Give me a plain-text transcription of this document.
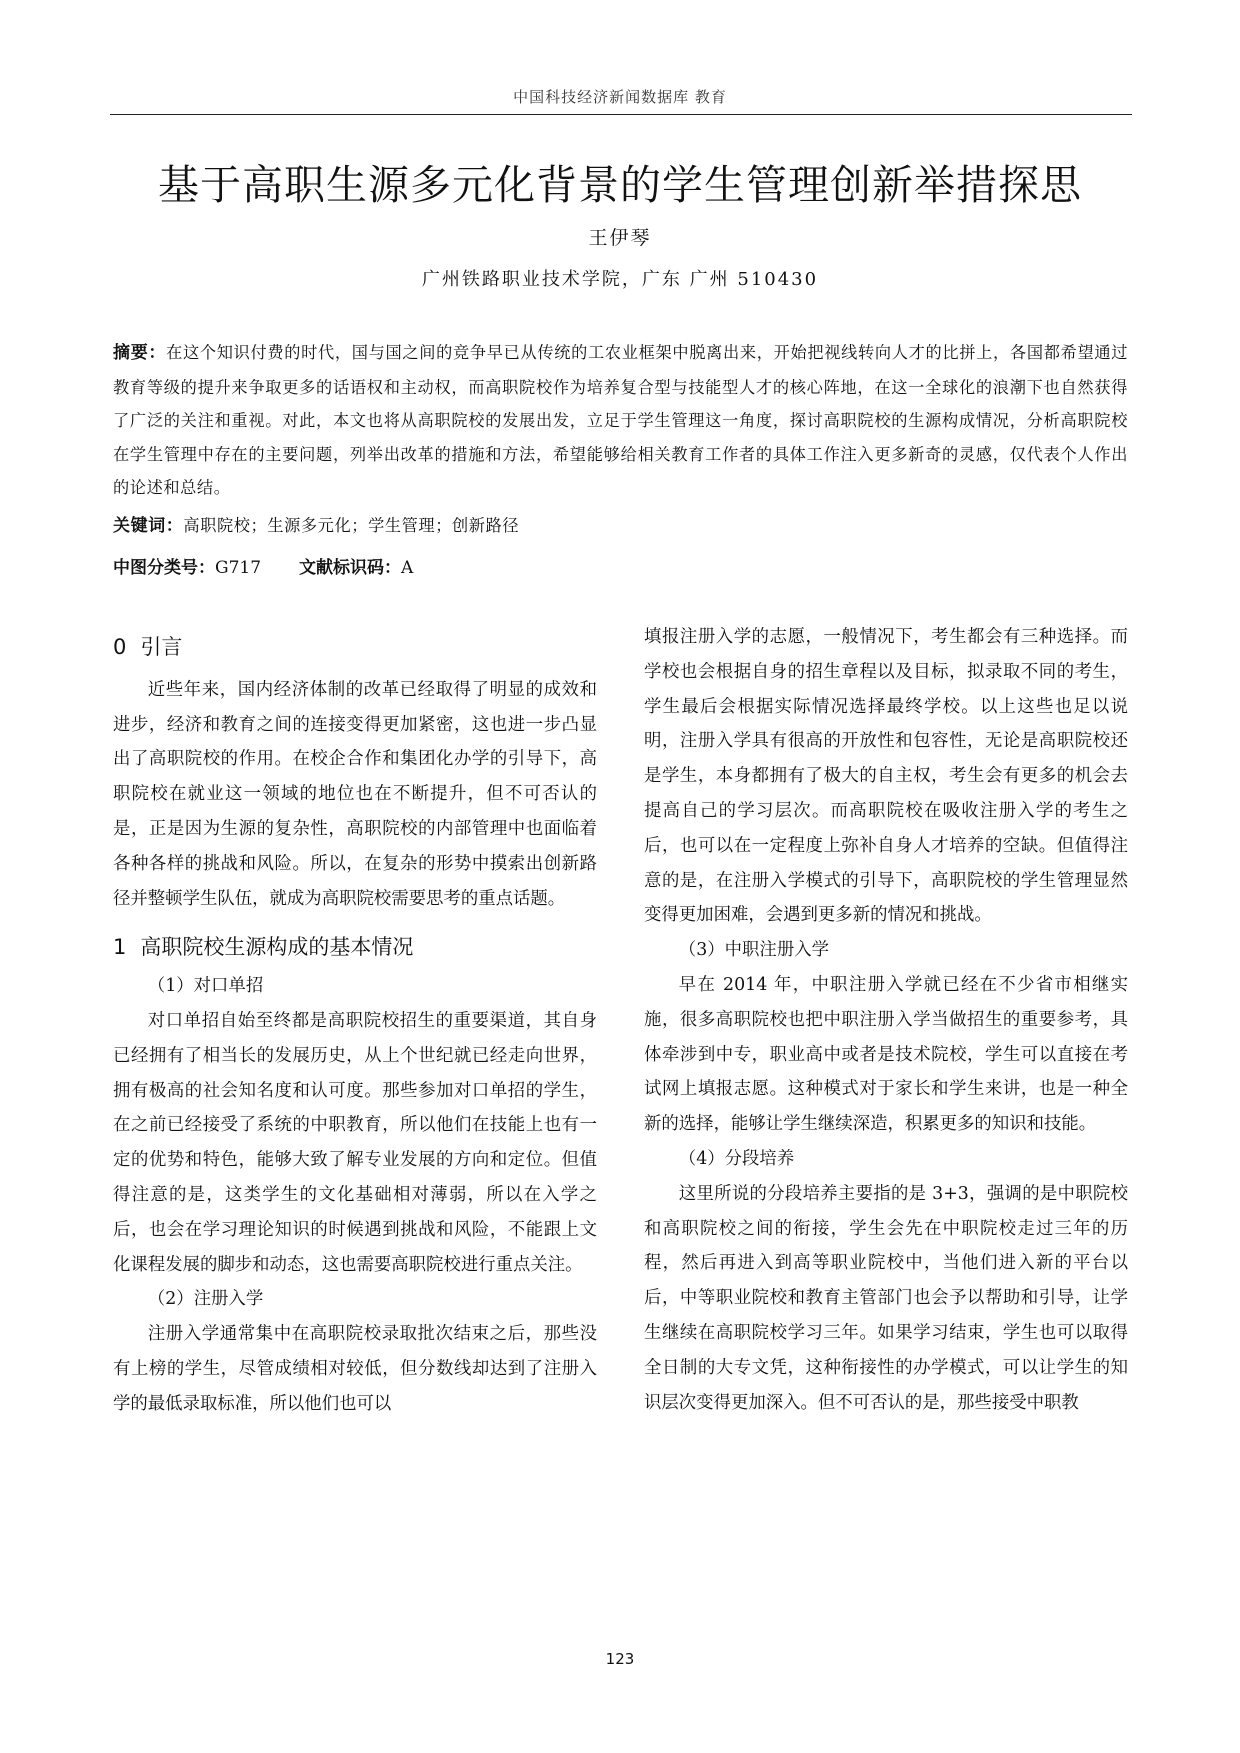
中国科技经济新闻数据库 教育
基于高职生源多元化背景的学生管理创新举措探思
王伊琴
广州铁路职业技术学院，广东 广州 510430
摘要：在这个知识付费的时代，国与国之间的竞争早已从传统的工农业框架中脱离出来，开始把视线转向人才的比拼上，各国都希望通过教育等级的提升来争取更多的话语权和主动权，而高职院校作为培养复合型与技能型人才的核心阵地，在这一全球化的浪潮下也自然获得了广泛的关注和重视。对此，本文也将从高职院校的发展出发，立足于学生管理这一角度，探讨高职院校的生源构成情况，分析高职院校在学生管理中存在的主要问题，列举出改革的措施和方法，希望能够给相关教育工作者的具体工作注入更多新奇的灵感，仅代表个人作出的论述和总结。
关键词：高职院校；生源多元化；学生管理；创新路径
中图分类号：G717 文献标识码：A
0 引言

近些年来，国内经济体制的改革已经取得了明显的成效和进步，经济和教育之间的连接变得更加紧密，这也进一步凸显出了高职院校的作用。在校企合作和集团化办学的引导下，高职院校在就业这一领域的地位也在不断提升，但不可否认的是，正是因为生源的复杂性，高职院校的内部管理中也面临着各种各样的挑战和风险。所以，在复杂的形势中摸索出创新路径并整顿学生队伍，就成为高职院校需要思考的重点话题。

1 高职院校生源构成的基本情况

（1）对口单招

对口单招自始至终都是高职院校招生的重要渠道，其自身已经拥有了相当长的发展历史，从上个世纪就已经走向世界，拥有极高的社会知名度和认可度。那些参加对口单招的学生，在之前已经接受了系统的中职教育，所以他们在技能上也有一定的优势和特色，能够大致了解专业发展的方向和定位。但值得注意的是，这类学生的文化基础相对薄弱，所以在入学之后，也会在学习理论知识的时候遇到挑战和风险，不能跟上文化课程发展的脚步和动态，这也需要高职院校进行重点关注。

（2）注册入学

注册入学通常集中在高职院校录取批次结束之后，那些没有上榜的学生，尽管成绩相对较低，但分数线却达到了注册入学的最低录取标准，所以他们也可以

填报注册入学的志愿，一般情况下，考生都会有三种选择。而学校也会根据自身的招生章程以及目标，拟录取不同的考生，学生最后会根据实际情况选择最终学校。以上这些也足以说明，注册入学具有很高的开放性和包容性，无论是高职院校还是学生，本身都拥有了极大的自主权，考生会有更多的机会去提高自己的学习层次。而高职院校在吸收注册入学的考生之后，也可以在一定程度上弥补自身人才培养的空缺。但值得注意的是，在注册入学模式的引导下，高职院校的学生管理显然变得更加困难，会遇到更多新的情况和挑战。

（3）中职注册入学

早在 2014 年，中职注册入学就已经在不少省市相继实施，很多高职院校也把中职注册入学当做招生的重要参考，具体牵涉到中专，职业高中或者是技术院校，学生可以直接在考试网上填报志愿。这种模式对于家长和学生来讲，也是一种全新的选择，能够让学生继续深造，积累更多的知识和技能。

（4）分段培养

这里所说的分段培养主要指的是 3+3，强调的是中职院校和高职院校之间的衔接，学生会先在中职院校走过三年的历程，然后再进入到高等职业院校中，当他们进入新的平台以后，中等职业院校和教育主管部门也会予以帮助和引导，让学生继续在高职院校学习三年。如果学习结束，学生也可以取得全日制的大专文凭，这种衔接性的办学模式，可以让学生的知识层次变得更加深入。但不可否认的是，那些接受中职教

123
